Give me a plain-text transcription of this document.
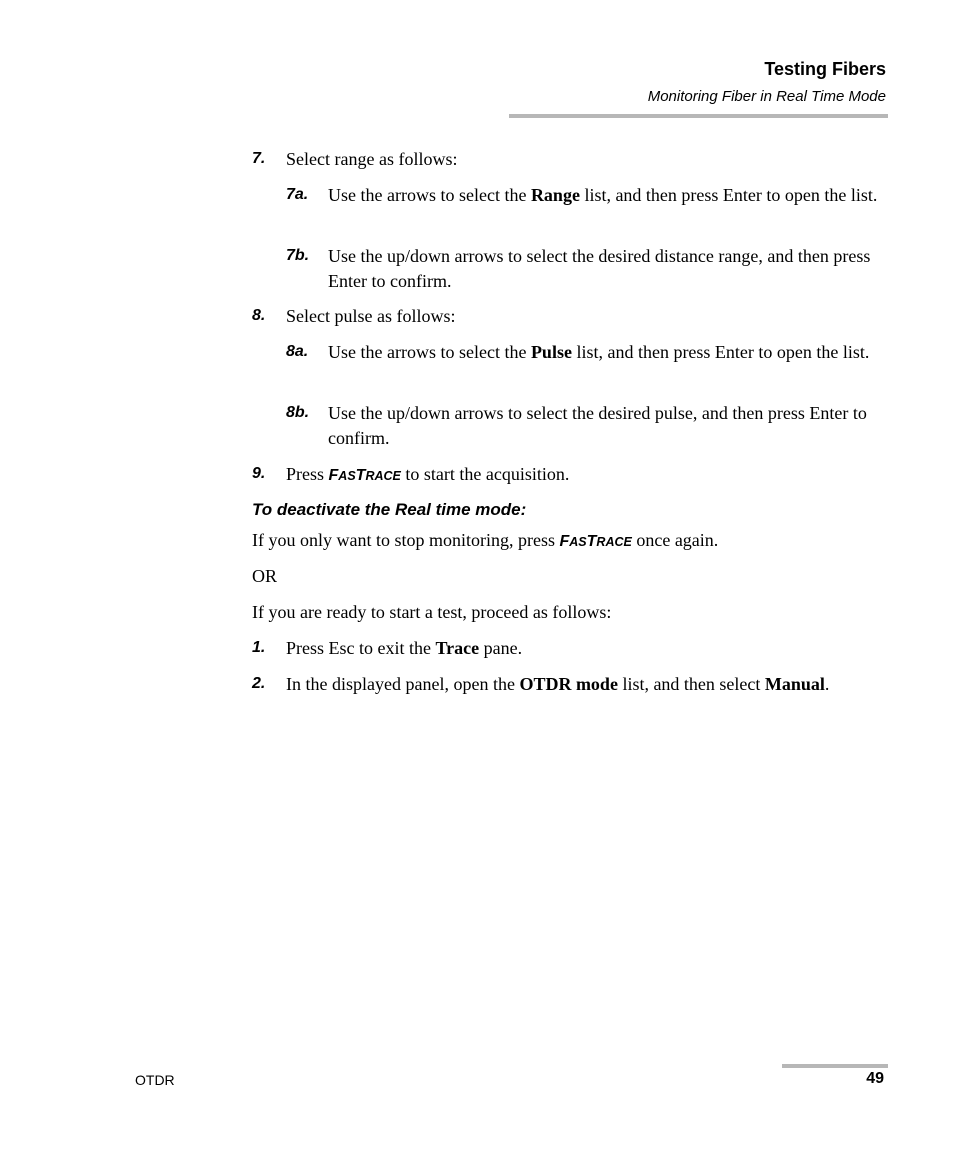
Testing Fibers
Monitoring Fiber in Real Time Mode
7. Select range as follows:

7a. Use the arrows to select the Range list, and then press Enter to open the list.

7b. Use the up/down arrows to select the desired distance range, and then press Enter to confirm.

8. Select pulse as follows:

8a. Use the arrows to select the Pulse list, and then press Enter to open the list.

8b. Use the up/down arrows to select the desired pulse, and then press Enter to confirm.

9. Press FASTRACE to start the acquisition.

To deactivate the Real time mode:

If you only want to stop monitoring, press FASTRACE once again.

OR

If you are ready to start a test, proceed as follows:

1. Press Esc to exit the Trace pane.

2. In the displayed panel, open the OTDR mode list, and then select Manual.

OTDR	49
